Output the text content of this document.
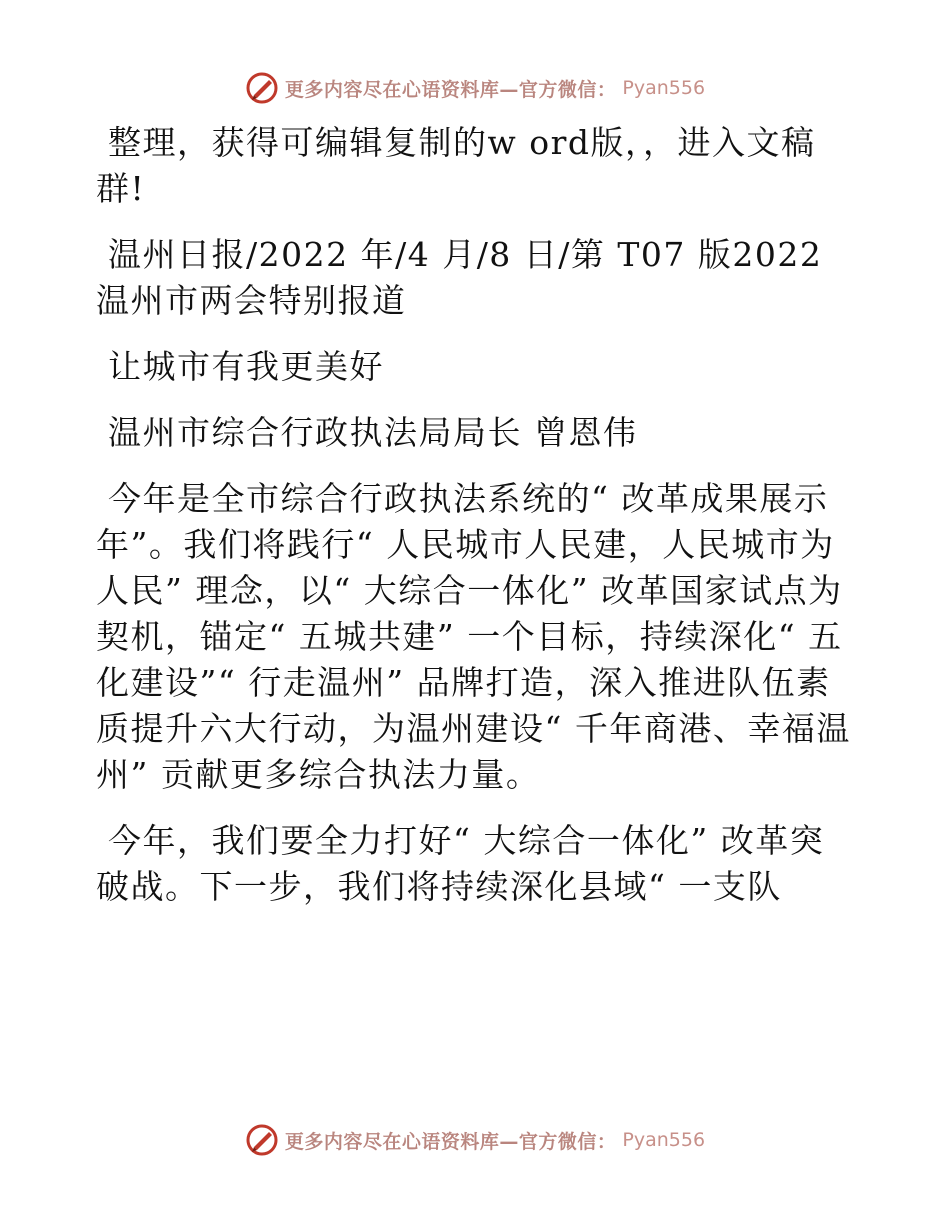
更多内容尽在心语资料库—官方微信： Pyan556

整理，获得可编辑复制的w ord版，，进入文稿群!

温州日报/2022 年/4 月/8 日/第 T07 版2022 温州市两会特别报道

让城市有我更美好

温州市综合行政执法局局长 曾恩伟

今年是全市综合行政执法系统的“ 改革成果展示年”。我们将践行“ 人民城市人民建，人民城市为人民” 理念，以“ 大综合一体化” 改革国家试点为契机，锚定“ 五城共建” 一个目标，持续深化“ 五化建设”“ 行走温州” 品牌打造，深入推进队伍素质提升六大行动，为温州建设“ 千年商港、幸福温州” 贡献更多综合执法力量。

今年，我们要全力打好“ 大综合一体化” 改革突破战。下一步，我们将持续深化县域“ 一支队

更多内容尽在心语资料库—官方微信： Pyan556
